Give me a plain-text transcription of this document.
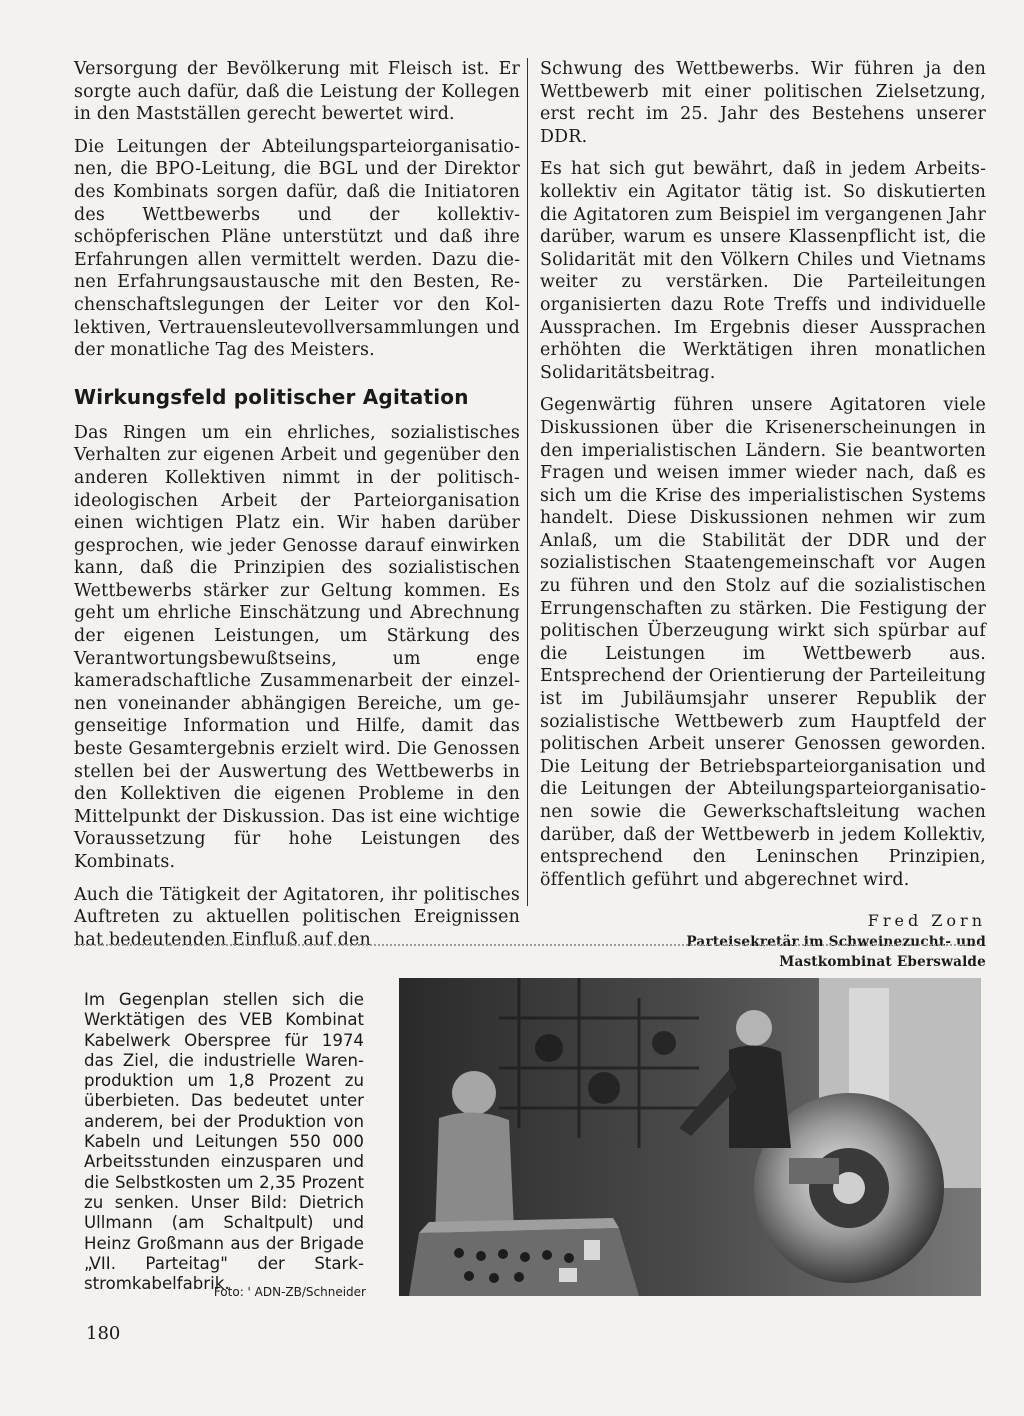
Versorgung der Bevölkerung mit Fleisch ist. Er sorgte auch dafür, daß die Leistung der Kollegen in den Mastställen gerecht bewertet wird.

Die Leitungen der Abteilungsparteiorganisationen, die BPO-Leitung, die BGL und der Direktor des Kombinats sorgen dafür, daß die Initiatoren des Wettbewerbs und der kollektivschöpferischen Pläne unterstützt und daß ihre Erfahrungen allen vermittelt werden. Dazu dienen Erfahrungsaustausche mit den Besten, Rechenschaftslegungen der Leiter vor den Kollektiven, Vertrauensleutevollversammlungen und der monatliche Tag des Meisters.

Wirkungsfeld politischer Agitation

Das Ringen um ein ehrliches, sozialistisches Verhalten zur eigenen Arbeit und gegenüber den anderen Kollektiven nimmt in der politisch-ideologischen Arbeit der Parteiorganisation einen wichtigen Platz ein. Wir haben darüber gesprochen, wie jeder Genosse darauf einwirken kann, daß die Prinzipien des sozialistischen Wettbewerbs stärker zur Geltung kommen. Es geht um ehrliche Einschätzung und Abrechnung der eigenen Leistungen, um Stärkung des Verantwortungsbewußtseins, um enge kameradschaftliche Zusammenarbeit der einzelnen voneinander abhängigen Bereiche, um gegenseitige Information und Hilfe, damit das beste Gesamtergebnis erzielt wird. Die Genossen stellen bei der Auswertung des Wettbewerbs in den Kollektiven die eigenen Probleme in den Mittelpunkt der Diskussion. Das ist eine wichtige Voraussetzung für hohe Leistungen des Kombinats.

Auch die Tätigkeit der Agitatoren, ihr politisches Auftreten zu aktuellen politischen Ereignissen hat bedeutenden Einfluß auf den

Schwung des Wettbewerbs. Wir führen ja den Wettbewerb mit einer politischen Zielsetzung, erst recht im 25. Jahr des Bestehens unserer DDR.

Es hat sich gut bewährt, daß in jedem Arbeitskollektiv ein Agitator tätig ist. So diskutierten die Agitatoren zum Beispiel im vergangenen Jahr darüber, warum es unsere Klassenpflicht ist, die Solidarität mit den Völkern Chiles und Vietnams weiter zu verstärken. Die Parteileitungen organisierten dazu Rote Treffs und individuelle Aussprachen. Im Ergebnis dieser Aussprachen erhöhten die Werktätigen ihren monatlichen Solidaritätsbeitrag.

Gegenwärtig führen unsere Agitatoren viele Diskussionen über die Krisenerscheinungen in den imperialistischen Ländern. Sie beantworten Fragen und weisen immer wieder nach, daß es sich um die Krise des imperialistischen Systems handelt. Diese Diskussionen nehmen wir zum Anlaß, um die Stabilität der DDR und der sozialistischen Staatengemeinschaft vor Augen zu führen und den Stolz auf die sozialistischen Errungenschaften zu stärken. Die Festigung der politischen Überzeugung wirkt sich spürbar auf die Leistungen im Wettbewerb aus. Entsprechend der Orientierung der Parteileitung ist im Jubiläumsjahr unserer Republik der sozialistische Wettbewerb zum Hauptfeld der politischen Arbeit unserer Genossen geworden. Die Leitung der Betriebsparteiorganisation und die Leitungen der Abteilungsparteiorganisationen sowie die Gewerkschaftsleitung wachen darüber, daß der Wettbewerb in jedem Kollektiv, entsprechend den Leninschen Prinzipien, öffentlich geführt und abgerechnet wird.

Fred Zorn
Parteisekretär im Schweinezucht- und
Mastkombinat Eberswalde

Im Gegenplan stellen sich die Werktätigen des VEB Kombinat Kabelwerk Oberspree für 1974 das Ziel, die industrielle Warenproduktion um 1,8 Prozent zu überbieten. Das bedeutet unter anderem, bei der Produktion von Kabeln und Leitungen 550 000 Arbeitsstunden einzusparen und die Selbstkosten um 2,35 Prozent zu senken. Unser Bild: Dietrich Ullmann (am Schaltpult) und Heinz Großmann aus der Brigade „VII. Parteitag" der Starkstromkabelfabrik.

Foto: ' ADN-ZB/Schneider
180
